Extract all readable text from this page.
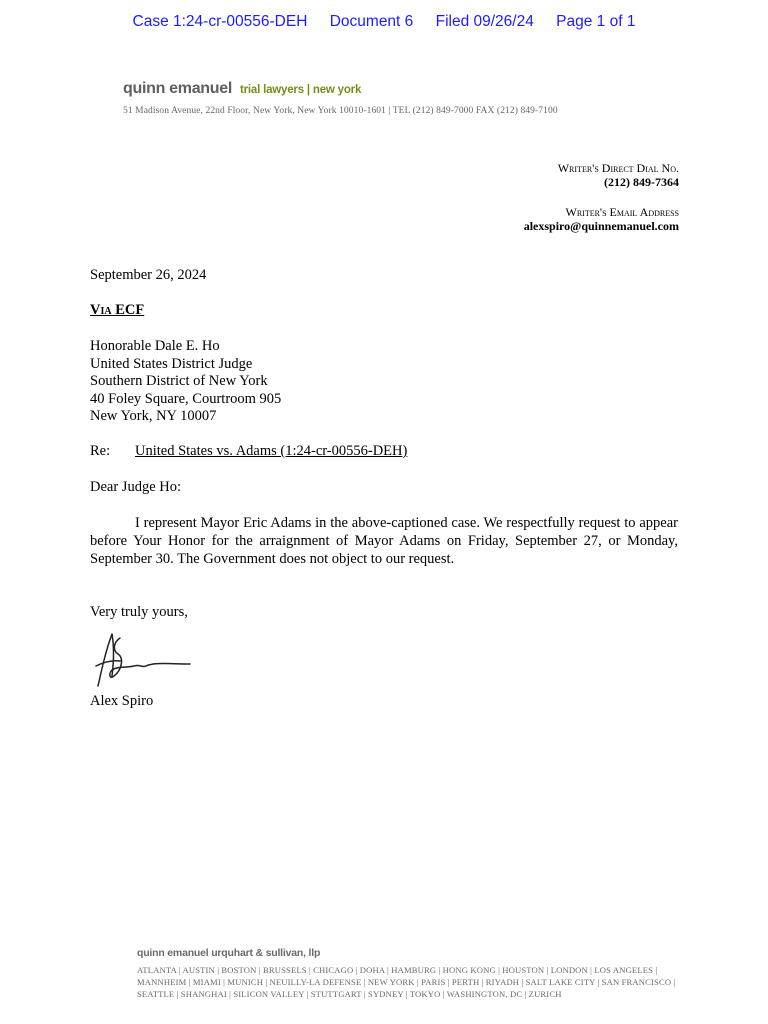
Case 1:24-cr-00556-DEH Document 6 Filed 09/26/24 Page 1 of 1
quinn emanuel trial lawyers | new york
51 Madison Avenue, 22nd Floor, New York, New York 10010-1601 | TEL (212) 849-7000 FAX (212) 849-7100
Writer's Direct Dial No.
(212) 849-7364
Writer's Email Address
alexspiro@quinnemanuel.com
September 26, 2024
Via ECF
Honorable Dale E. Ho
United States District Judge
Southern District of New York
40 Foley Square, Courtroom 905
New York, NY 10007
Re: United States vs. Adams (1:24-cr-00556-DEH)
Dear Judge Ho:
I represent Mayor Eric Adams in the above-captioned case. We respectfully request to appear before Your Honor for the arraignment of Mayor Adams on Friday, September 27, or Monday, September 30. The Government does not object to our request.
Very truly yours,
Alex Spiro
quinn emanuel urquhart & sullivan, llp
ATLANTA | AUSTIN | BOSTON | BRUSSELS | CHICAGO | DOHA | HAMBURG | HONG KONG | HOUSTON | LONDON | LOS ANGELES | MANNHEIM | MIAMI | MUNICH | NEUILLY-LA DEFENSE | NEW YORK | PARIS | PERTH | RIYADH | SALT LAKE CITY | SAN FRANCISCO | SEATTLE | SHANGHAI | SILICON VALLEY | STUTTGART | SYDNEY | TOKYO | WASHINGTON, DC | ZURICH
